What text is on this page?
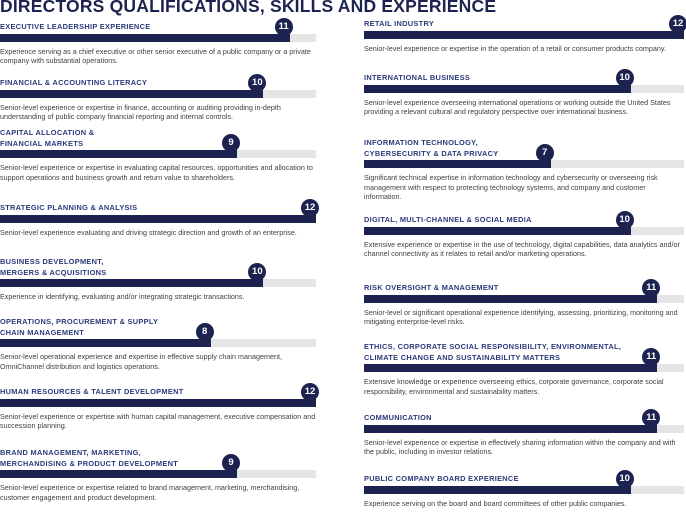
DIRECTORS QUALIFICATIONS, SKILLS AND EXPERIENCE
EXECUTIVE LEADERSHIP EXPERIENCE	11

Experience serving as a chief executive or other senior executive of a public company or a private company with substantial operations.

FINANCIAL & ACCOUNTING LITERACY	10

Senior-level experience or expertise in finance, accounting or auditing providing in-depth understanding of public company financial reporting and internal controls.

CAPITAL ALLOCATION &
FINANCIAL MARKETS	9

Senior-level experience or expertise in evaluating capital resources, opportunities and allocation to support operations and business growth and return value to shareholders.

STRATEGIC PLANNING & ANALYSIS	12

Senior-level experience evaluating and driving strategic direction and growth of an enterprise.

BUSINESS DEVELOPMENT,
MERGERS & ACQUISITIONS	10

Experience in identifying, evaluating and/or integrating strategic transactions.

OPERATIONS, PROCUREMENT & SUPPLY
CHAIN MANAGEMENT	8

Senior-level operational experience and expertise in effective supply chain management, OmniChannel distribution and logistics operations.

HUMAN RESOURCES & TALENT DEVELOPMENT	12

Senior-level experience or expertise with human capital management, executive compensation and succession planning.

BRAND MANAGEMENT, MARKETING,
MERCHANDISING & PRODUCT DEVELOPMENT	9

Senior-level experience or expertise related to brand management, marketing, merchandising, customer engagement and product development.

RETAIL INDUSTRY	12

Senior-level experience or expertise in the operation of a retail or consumer products company.

INTERNATIONAL BUSINESS	10

Senior-level experience overseeing international operations or working outside the United States providing a relevant cultural and regulatory perspective over international business.

INFORMATION TECHNOLOGY,
CYBERSECURITY & DATA PRIVACY	7

Significant technical expertise in information technology and cybersecurity or overseeing risk management with respect to protecting technology systems, and company and customer information.

DIGITAL, MULTI-CHANNEL & SOCIAL MEDIA	10

Extensive experience or expertise in the use of technology, digital capabilities, data analytics and/or channel connectivity as it relates to retail and/or marketing operations.

RISK OVERSIGHT & MANAGEMENT	11

Senior-level or significant operational experience identifying, assessing, prioritizing, monitoring and mitigating enterprise-level risks.

ETHICS, CORPORATE SOCIAL RESPONSIBILITY, ENVIRONMENTAL,
CLIMATE CHANGE AND SUSTAINABILITY MATTERS	11

Extensive knowledge or experience overseeing ethics, corporate governance, corporate social responsibility, environmental and sustainability matters.

COMMUNICATION	11

Senior-level experience or expertise in effectively sharing information within the company and with the public, including in investor relations.

PUBLIC COMPANY BOARD EXPERIENCE	10

Experience serving on the board and board committees of other public companies.
